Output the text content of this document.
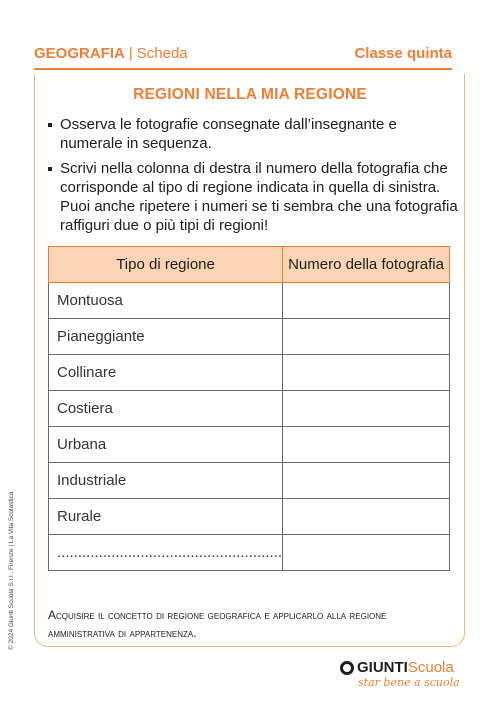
GEOGRAFIA | Scheda	Classe quinta
REGIONI NELLA MIA REGIONE
Osserva le fotografie consegnate dall’insegnante e numerale in sequenza.
Scrivi nella colonna di destra il numero della fotografia che corrisponde al tipo di regione indicata in quella di sinistra. Puoi anche ripetere i numeri se ti sembra che una fotografia raffiguri due o più tipi di regioni!
Tipo di regione	Numero della fotografia
Montuosa	
Pianeggiante	
Collinare	
Costiera	
Urbana	
Industriale	
Rurale	
......................................................	
Acquisire il concetto di regione geografica e applicarlo alla regione amministrativa di appartenenza.
© 2024 Giunti Scuola S.r.l., Firenze | La Vita Scolastica
GIUNTI Scuola
star bene a scuola
